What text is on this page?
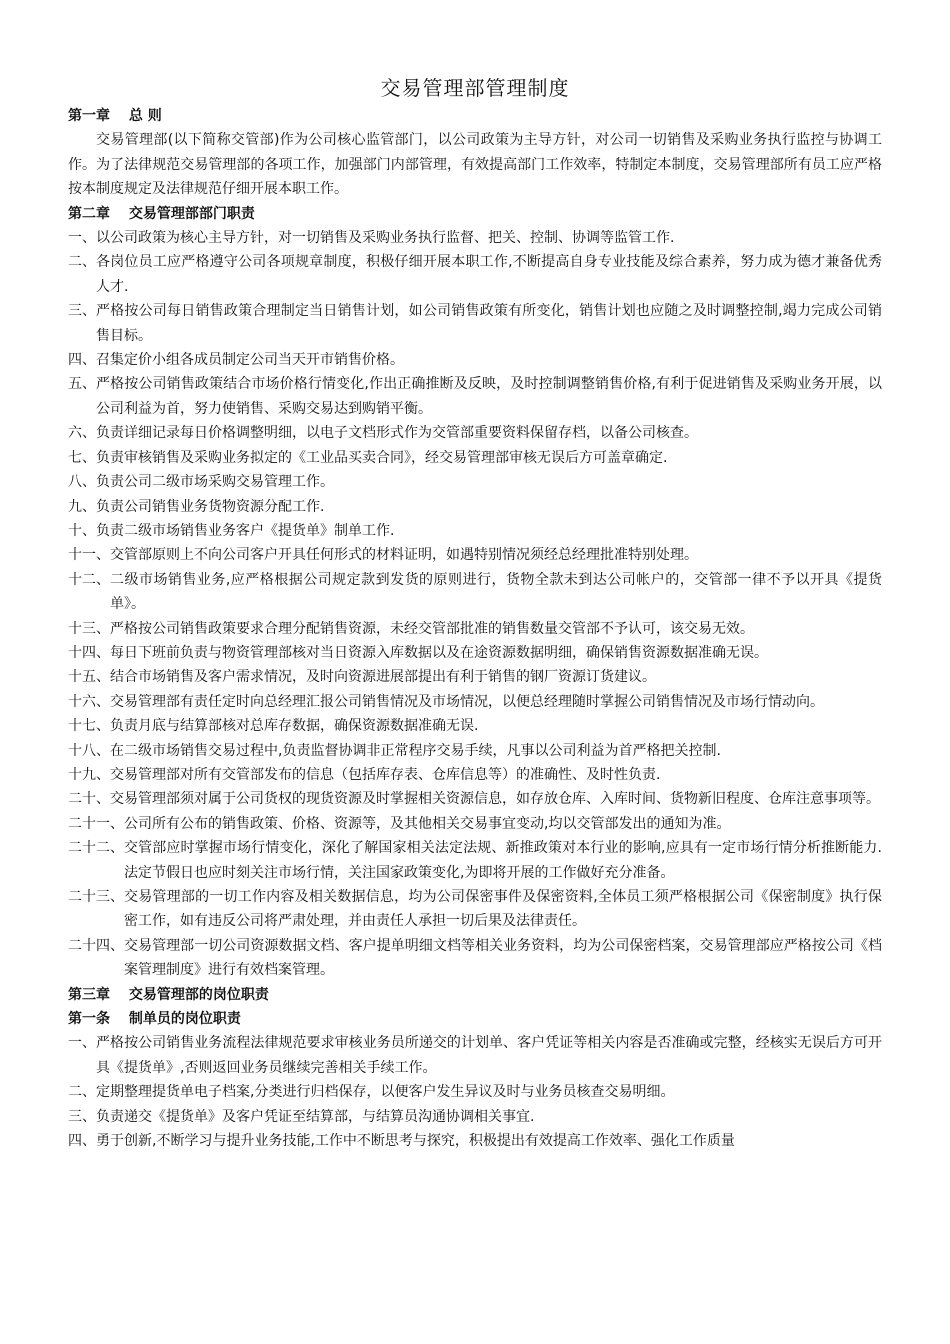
交易管理部管理制度
第一章　 总 则
交易管理部(以下简称交管部)作为公司核心监管部门，以公司政策为主导方针，对公司一切销售及采购业务执行监控与协调工作。为了法律规范交易管理部的各项工作，加强部门内部管理，有效提高部门工作效率，特制定本制度，交易管理部所有员工应严格按本制度规定及法律规范仔细开展本职工作。
第二章　 交易管理部部门职责
一、 以公司政策为核心主导方针，对一切销售及采购业务执行监督、把关、控制、协调等监管工作.
二、 各岗位员工应严格遵守公司各项规章制度，积极仔细开展本职工作,不断提高自身专业技能及综合素养，努力成为德才兼备优秀人才.
三、 严格按公司每日销售政策合理制定当日销售计划，如公司销售政策有所变化，销售计划也应随之及时调整控制,竭力完成公司销售目标。
四、 召集定价小组各成员制定公司当天开市销售价格。
五、 严格按公司销售政策结合市场价格行情变化,作出正确推断及反映，及时控制调整销售价格,有利于促进销售及采购业务开展，以公司利益为首，努力使销售、采购交易达到购销平衡。
六、 负责详细记录每日价格调整明细，以电子文档形式作为交管部重要资料保留存档，以备公司核查。
七、 负责审核销售及采购业务拟定的《工业品买卖合同》，经交易管理部审核无误后方可盖章确定.
八、 负责公司二级市场采购交易管理工作。
九、 负责公司销售业务货物资源分配工作.
十、 负责二级市场销售业务客户《提货单》制单工作.
十一、 交管部原则上不向公司客户开具任何形式的材料证明，如遇特别情况须经总经理批准特别处理。
十二、 二级市场销售业务,应严格根据公司规定款到发货的原则进行，货物全款未到达公司帐户的，交管部一律不予以开具《提货单》。
十三、 严格按公司销售政策要求合理分配销售资源，未经交管部批准的销售数量交管部不予认可，该交易无效。
十四、 每日下班前负责与物资管理部核对当日资源入库数据以及在途资源数据明细，确保销售资源数据准确无误。
十五、 结合市场销售及客户需求情况，及时向资源进展部提出有利于销售的钢厂资源订货建议。
十六、 交易管理部有责任定时向总经理汇报公司销售情况及市场情况，以便总经理随时掌握公司销售情况及市场行情动向。
十七、 负责月底与结算部核对总库存数据，确保资源数据准确无误.
十八、 在二级市场销售交易过程中,负责监督协调非正常程序交易手续，凡事以公司利益为首严格把关控制.
十九、 交易管理部对所有交管部发布的信息（包括库存表、仓库信息等）的准确性、及时性负责.
二十、 交易管理部须对属于公司货权的现货资源及时掌握相关资源信息，如存放仓库、入库时间、货物新旧程度、仓库注意事项等。
二十一、 公司所有公布的销售政策、价格、资源等，及其他相关交易事宜变动,均以交管部发出的通知为准。
二十二、 交管部应时掌握市场行情变化，深化了解国家相关法定法规、新推政策对本行业的影响,应具有一定市场行情分析推断能力.法定节假日也应时刻关注市场行情，关注国家政策变化,为即将开展的工作做好充分准备。
二十三、 交易管理部的一切工作内容及相关数据信息，均为公司保密事件及保密资料,全体员工须严格根据公司《保密制度》执行保密工作，如有违反公司将严肃处理，并由责任人承担一切后果及法律责任。
二十四、 交易管理部一切公司资源数据文档、客户提单明细文档等相关业务资料，均为公司保密档案，交易管理部应严格按公司《档案管理制度》进行有效档案管理。
第三章　 交易管理部的岗位职责
第一条　 制单员的岗位职责
一、 严格按公司销售业务流程法律规范要求审核业务员所递交的计划单、客户凭证等相关内容是否准确或完整，经核实无误后方可开具《提货单》,否则返回业务员继续完善相关手续工作。
二、 定期整理提货单电子档案,分类进行归档保存，以便客户发生异议及时与业务员核查交易明细。
三、 负责递交《提货单》及客户凭证至结算部，与结算员沟通协调相关事宜.
四、 勇于创新,不断学习与提升业务技能,工作中不断思考与探究，积极提出有效提高工作效率、强化工作质量
